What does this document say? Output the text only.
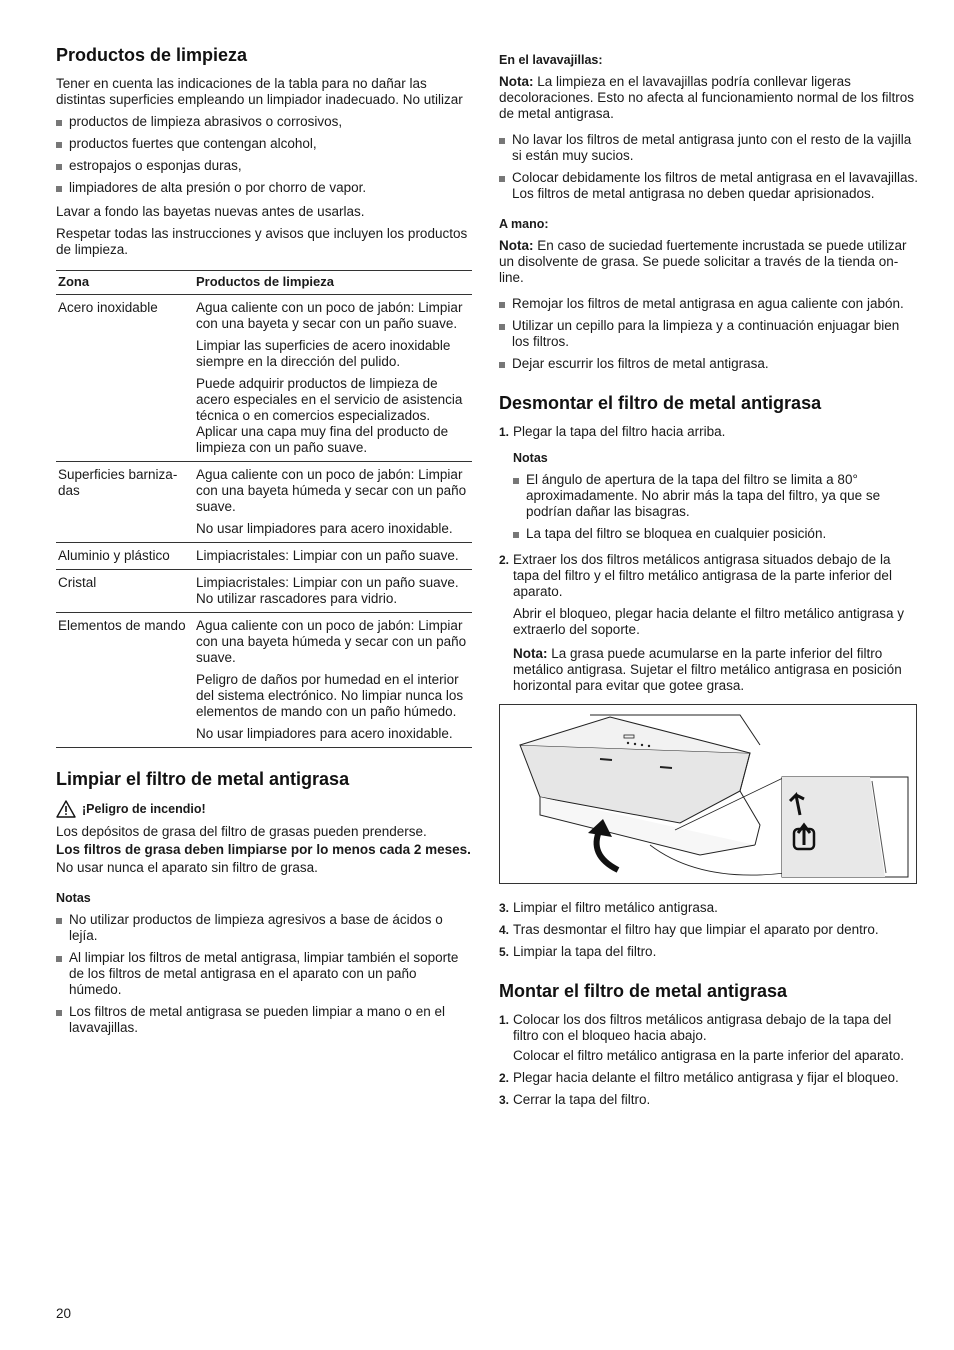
Productos de limpieza

Tener en cuenta las indicaciones de la tabla para no dañar las distintas superficies empleando un limpiador inadecuado. No utilizar

productos de limpieza abrasivos o corrosivos,
productos fuertes que contengan alcohol,
estropajos o esponjas duras,
limpiadores de alta presión o por chorro de vapor.

Lavar a fondo las bayetas nuevas antes de usarlas.

Respetar todas las instrucciones y avisos que incluyen los productos de limpieza.

Zona	Productos de limpieza
Acero inoxidable	Agua caliente con un poco de jabón: Limpiar con una bayeta y secar con un paño suave.

Limpiar las superficies de acero inoxidable siempre en la dirección del pulido.

Puede adquirir productos de limpieza de acero especiales en el servicio de asistencia técnica o en comercios especializados. Aplicar una capa muy fina del producto de limpieza con un paño suave.

Superficies barnizadas	Agua caliente con un poco de jabón: Limpiar con una bayeta húmeda y secar con un paño suave.

No usar limpiadores para acero inoxidable.

Aluminio y plástico	Limpiacristales: Limpiar con un paño suave.

Cristal	Limpiacristales: Limpiar con un paño suave. No utilizar rascadores para vidrio.

Elementos de mando	Agua caliente con un poco de jabón: Limpiar con una bayeta húmeda y secar con un paño suave.

Peligro de daños por humedad en el interior del sistema electrónico. No limpiar nunca los elementos de mando con un paño húmedo.

No usar limpiadores para acero inoxidable.

Limpiar el filtro de metal antigrasa
¡Peligro de incendio!

Los depósitos de grasa del filtro de grasas pueden prenderse.

Los filtros de grasa deben limpiarse por lo menos cada 2 meses.

No usar nunca el aparato sin filtro de grasa.

Notas
No utilizar productos de limpieza agresivos a base de ácidos o lejía.
Al limpiar los filtros de metal antigrasa, limpiar también el soporte de los filtros de metal antigrasa en el aparato con un paño húmedo.
Los filtros de metal antigrasa se pueden limpiar a mano o en el lavavajillas.
En el lavavajillas:

Nota: La limpieza en el lavavajillas podría conllevar ligeras decoloraciones. Esto no afecta al funcionamiento normal de los filtros de metal antigrasa.

No lavar los filtros de metal antigrasa junto con el resto de la vajilla si están muy sucios.
Colocar debidamente los filtros de metal antigrasa en el lavavajillas. Los filtros de metal antigrasa no deben quedar aprisionados.
A mano:

Nota: En caso de suciedad fuertemente incrustada se puede utilizar un disolvente de grasa. Se puede solicitar a través de la tienda on-line.

Remojar los filtros de metal antigrasa en agua caliente con jabón.
Utilizar un cepillo para la limpieza y a continuación enjuagar bien los filtros.
Dejar escurrir los filtros de metal antigrasa.
Desmontar el filtro de metal antigrasa
1. Plegar la tapa del filtro hacia arriba.
Notas
El ángulo de apertura de la tapa del filtro se limita a 80° aproximadamente. No abrir más la tapa del filtro, ya que se podrían dañar las bisagras.
La tapa del filtro se bloquea en cualquier posición.
2. Extraer los dos filtros metálicos antigrasa situados debajo de la tapa del filtro y el filtro metálico antigrasa de la parte inferior del aparato.

Abrir el bloqueo, plegar hacia delante el filtro metálico antigrasa y extraerlo del soporte.

Nota: La grasa puede acumularse en la parte inferior del filtro metálico antigrasa. Sujetar el filtro metálico antigrasa en posición horizontal para evitar que gotee grasa.

3. Limpiar el filtro metálico antigrasa.
4. Tras desmontar el filtro hay que limpiar el aparato por dentro.
5. Limpiar la tapa del filtro.
Montar el filtro de metal antigrasa
1. Colocar los dos filtros metálicos antigrasa debajo de la tapa del filtro con el bloqueo hacia abajo.
Colocar el filtro metálico antigrasa en la parte inferior del aparato.
2. Plegar hacia delante el filtro metálico antigrasa y fijar el bloqueo.
3. Cerrar la tapa del filtro.
20
